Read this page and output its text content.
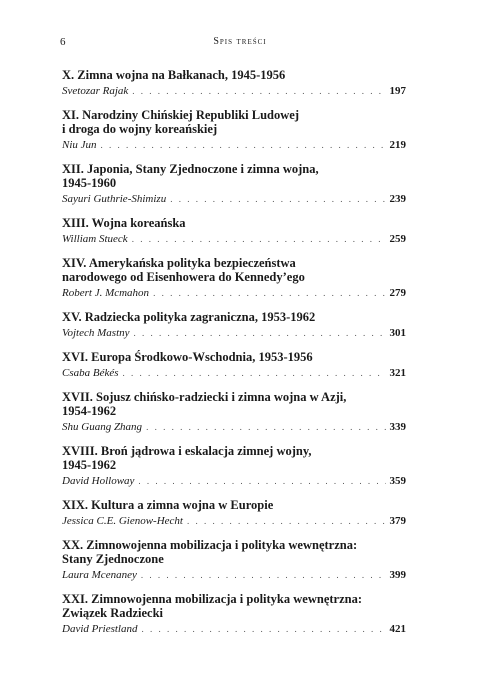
6	Spis treści
X. Zimna wojna na Bałkanach, 1945-1956
Svetozar Rajak . . .	197
XI. Narodziny Chińskiej Republiki Ludowej
i droga do wojny koreańskiej
Niu Jun . . .	219
XII. Japonia, Stany Zjednoczone i zimna wojna,
1945-1960
Sayuri Guthrie-Shimizu . . .	239
XIII. Wojna koreańska
William Stueck . . .	259
XIV. Amerykańska polityka bezpieczeństwa
narodowego od Eisenhowera do Kennedy’ego
Robert J. Mcmahon . . .	279
XV. Radziecka polityka zagraniczna, 1953-1962
Vojtech Mastny . . .	301
XVI. Europa Środkowo-Wschodnia, 1953-1956
Csaba Békés . . .	321
XVII. Sojusz chińsko-radziecki i zimna wojna w Azji,
1954-1962
Shu Guang Zhang . . .	339
XVIII. Broń jądrowa i eskalacja zimnej wojny,
1945-1962
David Holloway . . .	359
XIX. Kultura a zimna wojna w Europie
Jessica C.E. Gienow-Hecht . . .	379
XX. Zimnowojenna mobilizacja i polityka wewnętrzna:
Stany Zjednoczone
Laura Mcenaney . . .	399
XXI. Zimnowojenna mobilizacja i polityka wewnętrzna:
Związek Radziecki
David Priestland . . .	421
